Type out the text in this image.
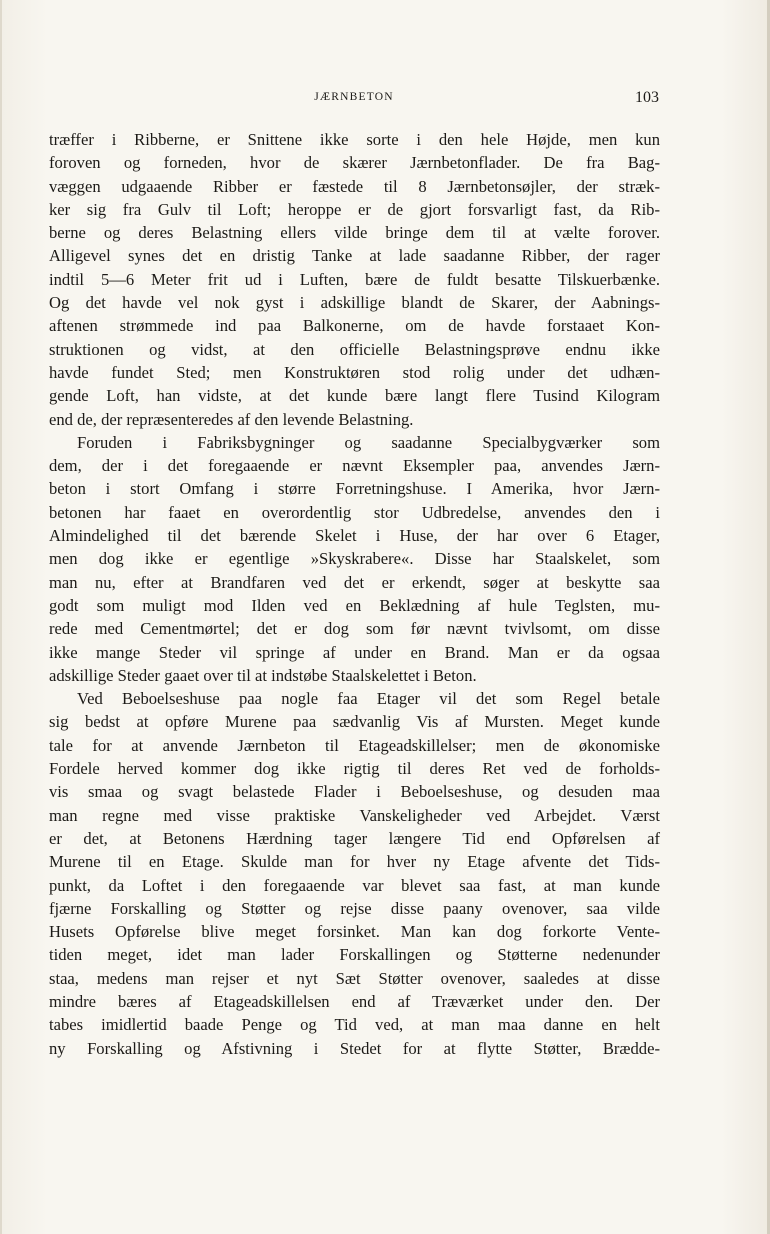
JÆRNBETON	103
træffer i Ribberne, er Snittene ikke sorte i den hele Højde, men kun
foroven og forneden, hvor de skærer Jærnbetonflader. De fra Bag-
væggen udgaaende Ribber er fæstede til 8 Jærnbetonsøjler, der stræk-
ker sig fra Gulv til Loft; heroppe er de gjort forsvarligt fast, da Rib-
berne og deres Belastning ellers vilde bringe dem til at vælte forover.
Alligevel synes det en dristig Tanke at lade saadanne Ribber, der rager
indtil 5—6 Meter frit ud i Luften, bære de fuldt besatte Tilskuerbænke.
Og det havde vel nok gyst i adskillige blandt de Skarer, der Aabnings-
aftenen strømmede ind paa Balkonerne, om de havde forstaaet Kon-
struktionen og vidst, at den officielle Belastningsprøve endnu ikke
havde fundet Sted; men Konstruktøren stod rolig under det udhæn-
gende Loft, han vidste, at det kunde bære langt flere Tusind Kilogram
end de, der repræsenteredes af den levende Belastning.
Foruden i Fabriksbygninger og saadanne Specialbygværker som
dem, der i det foregaaende er nævnt Eksempler paa, anvendes Jærn-
beton i stort Omfang i større Forretningshuse. I Amerika, hvor Jærn-
betonen har faaet en overordentlig stor Udbredelse, anvendes den i
Almindelighed til det bærende Skelet i Huse, der har over 6 Etager,
men dog ikke er egentlige »Skyskrabere«. Disse har Staalskelet, som
man nu, efter at Brandfaren ved det er erkendt, søger at beskytte saa
godt som muligt mod Ilden ved en Beklædning af hule Teglsten, mu-
rede med Cementmørtel; det er dog som før nævnt tvivlsomt, om disse
ikke mange Steder vil springe af under en Brand. Man er da ogsaa
adskillige Steder gaaet over til at indstøbe Staalskelettet i Beton.
Ved Beboelseshuse paa nogle faa Etager vil det som Regel betale
sig bedst at opføre Murene paa sædvanlig Vis af Mursten. Meget kunde
tale for at anvende Jærnbeton til Etageadskillelser; men de økonomiske
Fordele herved kommer dog ikke rigtig til deres Ret ved de forholds-
vis smaa og svagt belastede Flader i Beboelseshuse, og desuden maa
man regne med visse praktiske Vanskeligheder ved Arbejdet. Værst
er det, at Betonens Hærdning tager længere Tid end Opførelsen af
Murene til en Etage. Skulde man for hver ny Etage afvente det Tids-
punkt, da Loftet i den foregaaende var blevet saa fast, at man kunde
fjærne Forskalling og Støtter og rejse disse paany ovenover, saa vilde
Husets Opførelse blive meget forsinket. Man kan dog forkorte Vente-
tiden meget, idet man lader Forskallingen og Støtterne nedenunder
staa, medens man rejser et nyt Sæt Støtter ovenover, saaledes at disse
mindre bæres af Etageadskillelsen end af Træværket under den. Der
tabes imidlertid baade Penge og Tid ved, at man maa danne en helt
ny Forskalling og Afstivning i Stedet for at flytte Støtter, Brædde-
